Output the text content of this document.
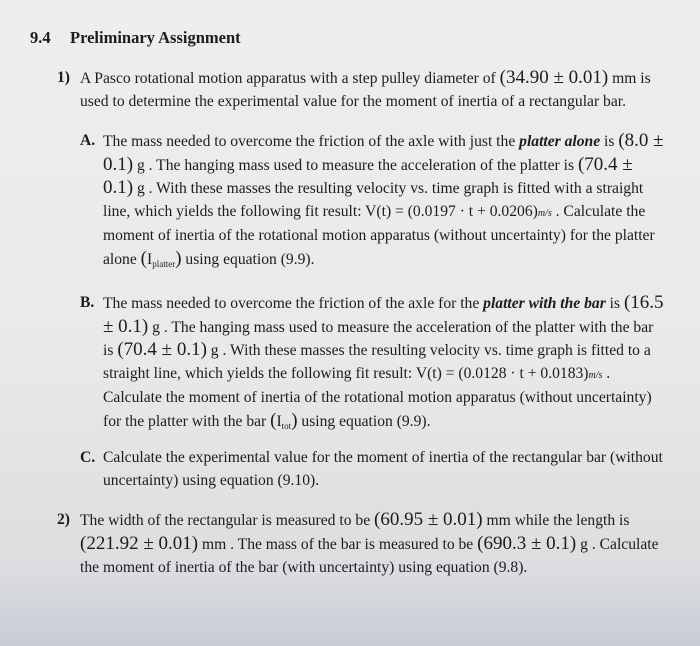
9.4 Preliminary Assignment
1) A Pasco rotational motion apparatus with a step pulley diameter of (34.90 ± 0.01) mm is used to determine the experimental value for the moment of inertia of a rectangular bar.
A. The mass needed to overcome the friction of the axle with just the platter alone is (8.0 ± 0.1) g . The hanging mass used to measure the acceleration of the platter is (70.4 ± 0.1) g . With these masses the resulting velocity vs. time graph is fitted with a straight line, which yields the following fit result: V(t) = (0.0197 · t + 0.0206)m/s . Calculate the moment of inertia of the rotational motion apparatus (without uncertainty) for the platter alone $(I_{platter})$ using equation (9.9).
B. The mass needed to overcome the friction of the axle for the platter with the bar is (16.5 ± 0.1) g . The hanging mass used to measure the acceleration of the platter with the bar is (70.4 ± 0.1) g . With these masses the resulting velocity vs. time graph is fitted to a straight line, which yields the following fit result: V(t) = (0.0128 · t + 0.0183)m/s . Calculate the moment of inertia of the rotational motion apparatus (without uncertainty) for the platter with the bar $(I_{tot})$ using equation (9.9).
C. Calculate the experimental value for the moment of inertia of the rectangular bar (without uncertainty) using equation (9.10).
2) The width of the rectangular is measured to be (60.95 ± 0.01) mm while the length is (221.92 ± 0.01) mm . The mass of the bar is measured to be (690.3 ± 0.1) g . Calculate the moment of inertia of the bar (with uncertainty) using equation (9.8).
